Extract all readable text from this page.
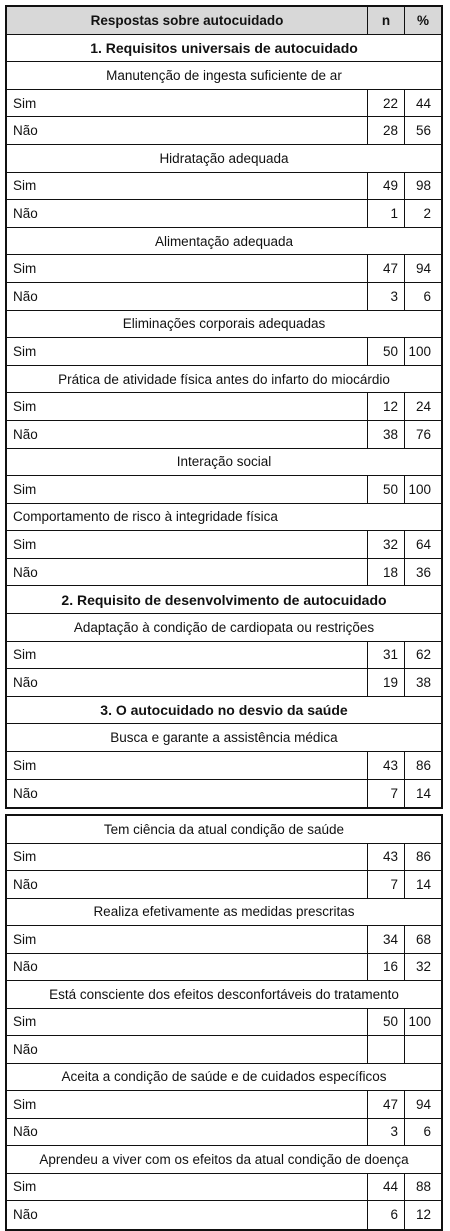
Respostas sobre autocuidado	n	%
1. Requisitos universais de autocuidado
Manutenção de ingesta suficiente de ar
Sim	22	44
Não	28	56
Hidratação adequada
Sim	49	98
Não	1	2
Alimentação adequada
Sim	47	94
Não	3	6
Eliminações corporais adequadas
Sim	50 100
Prática de atividade física antes do infarto do miocárdio
Sim	12	24
Não	38	76
Interação social
Sim	50 100
Comportamento de risco à integridade física
Sim	32	64
Não	18	36
2. Requisito de desenvolvimento de autocuidado
Adaptação à condição de cardiopata ou restrições
Sim	31	62
Não	19	38
3. O autocuidado no desvio da saúde
Busca e garante a assistência médica
Sim	43	86
Não	7	14
Tem ciência da atual condição de saúde
Sim	43	86
Não	7	14
Realiza efetivamente as medidas prescritas
Sim	34	68
Não	16	32
Está consciente dos efeitos desconfortáveis do tratamento
Sim	50 100
Não
Aceita a condição de saúde e de cuidados específicos
Sim	47	94
Não	3	6
Aprendeu a viver com os efeitos da atual condição de doença
Sim	44	88
Não	6	12
